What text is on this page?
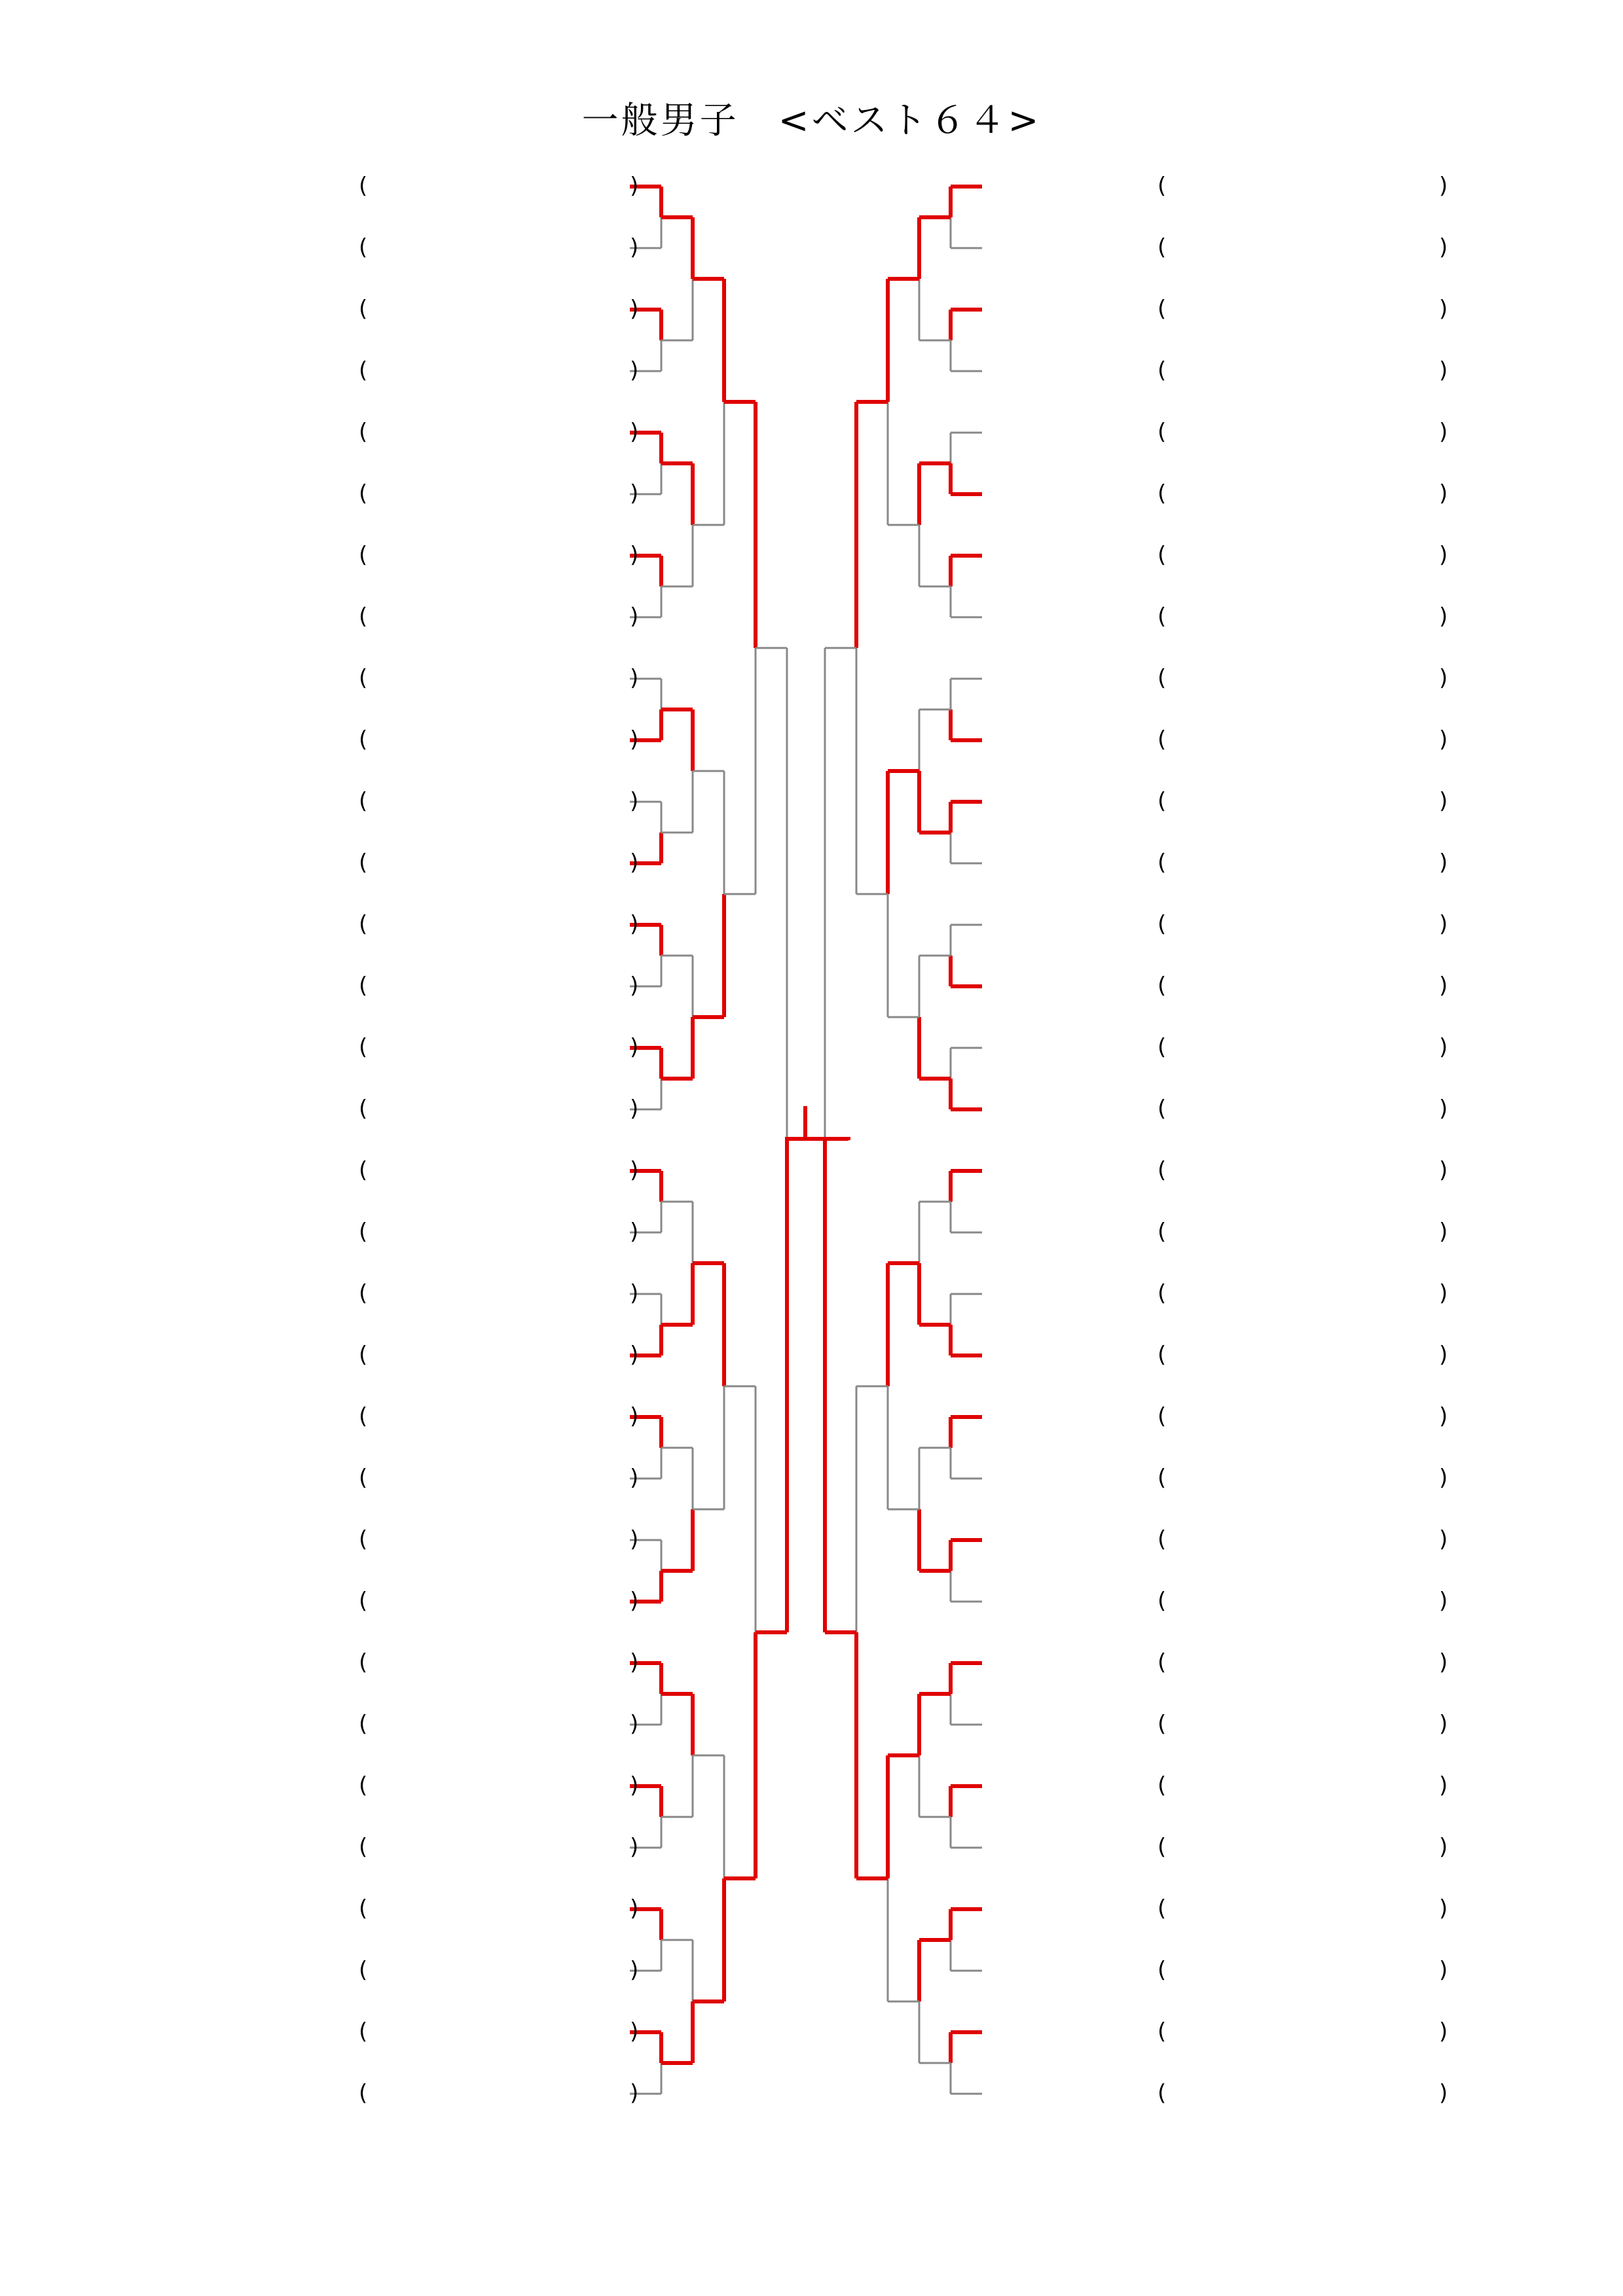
一般男子　<ベスト６４>
(	)
(	)
(	)
(	)
(	)
(	)
(	)
(	)
(	)
(	)
(	)
(	)
(	)
(	)
(	)
(	)
(	)
(	)
(	)
(	)
(	)
(	)
(	)
(	)
(	)
(	)
(	)
(	)
(	)
(	)
(	)
(	)
(	)
(	)
(	)
(	)
(	)
(	)
(	)
(	)
(	)
(	)
(	)
(	)
(	)
(	)
(	)
(	)
(	)
(	)
(	)
(	)
(	)
(	)
(	)
(	)
(	)
(	)
(	)
(	)
(	)
(	)
(	)
(	)
